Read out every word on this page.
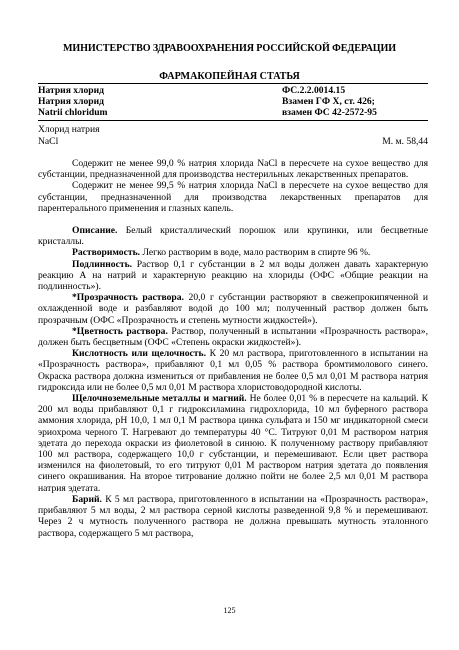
МИНИСТЕРСТВО ЗДРАВООХРАНЕНИЯ РОССИЙСКОЙ ФЕДЕРАЦИИ
ФАРМАКОПЕЙНАЯ СТАТЬЯ
Натрия хлорид	ФС.2.2.0014.15
Натрия хлорид	Взамен ГФ X, ст. 426;
Natrii chloridum	взамен ФС 42-2572-95
Хлорид натрия
NaCl	М. м. 58,44

Содержит не менее 99,0 % натрия хлорида NaCl в пересчете на сухое вещество для субстанции, предназначенной для производства нестерильных лекарственных препаратов.

Содержит не менее 99,5 % натрия хлорида NaCl в пересчете на сухое вещество для субстанции, предназначенной для производства лекарственных препаратов для парентерального применения и глазных капель.

Описание. Белый кристаллический порошок или крупинки, или бесцветные кристаллы.

Растворимость. Легко растворим в воде, мало растворим в спирте 96 %.

Подлинность. Раствор 0,1 г субстанции в 2 мл воды должен давать характерную реакцию А на натрий и характерную реакцию на хлориды (ОФС «Общие реакции на подлинность»).

*Прозрачность раствора. 20,0 г субстанции растворяют в свежепрокипяченной и охлажденной воде и разбавляют водой до 100 мл; полученный раствор должен быть прозрачным (ОФС «Прозрачность и степень мутности жидкостей»).

*Цветность раствора. Раствор, полученный в испытании «Прозрачность раствора», должен быть бесцветным (ОФС «Степень окраски жидкостей»).

Кислотность или щелочность. К 20 мл раствора, приготовленного в испытании на «Прозрачность раствора», прибавляют 0,1 мл 0,05 % раствора бромтимолового синего. Окраска раствора должна измениться от прибавления не более 0,5 мл 0,01 М раствора натрия гидроксида или не более 0,5 мл 0,01 М раствора хлористоводородной кислоты.

Щелочноземельные металлы и магний. Не более 0,01 % в пересчете на кальций. К 200 мл воды прибавляют 0,1 г гидроксиламина гидрохлорида, 10 мл буферного раствора аммония хлорида, pH 10,0, 1 мл 0,1 М раствора цинка сульфата и 150 мг индикаторной смеси эриохрома черного Т. Нагревают до температуры 40 °C. Титруют 0,01 М раствором натрия эдетата до перехода окраски из фиолетовой в синюю. К полученному раствору прибавляют 100 мл раствора, содержащего 10,0 г субстанции, и перемешивают. Если цвет раствора изменился на фиолетовый, то его титруют 0,01 М раствором натрия эдетата до появления синего окрашивания. На второе титрование должно пойти не более 2,5 мл 0,01 М раствора натрия эдетата.

Барий. К 5 мл раствора, приготовленного в испытании на «Прозрачность раствора», прибавляют 5 мл воды, 2 мл раствора серной кислоты разведенной 9,8 % и перемешивают. Через 2 ч мутность полученного раствора не должна превышать мутность эталонного раствора, содержащего 5 мл раствора,

125
